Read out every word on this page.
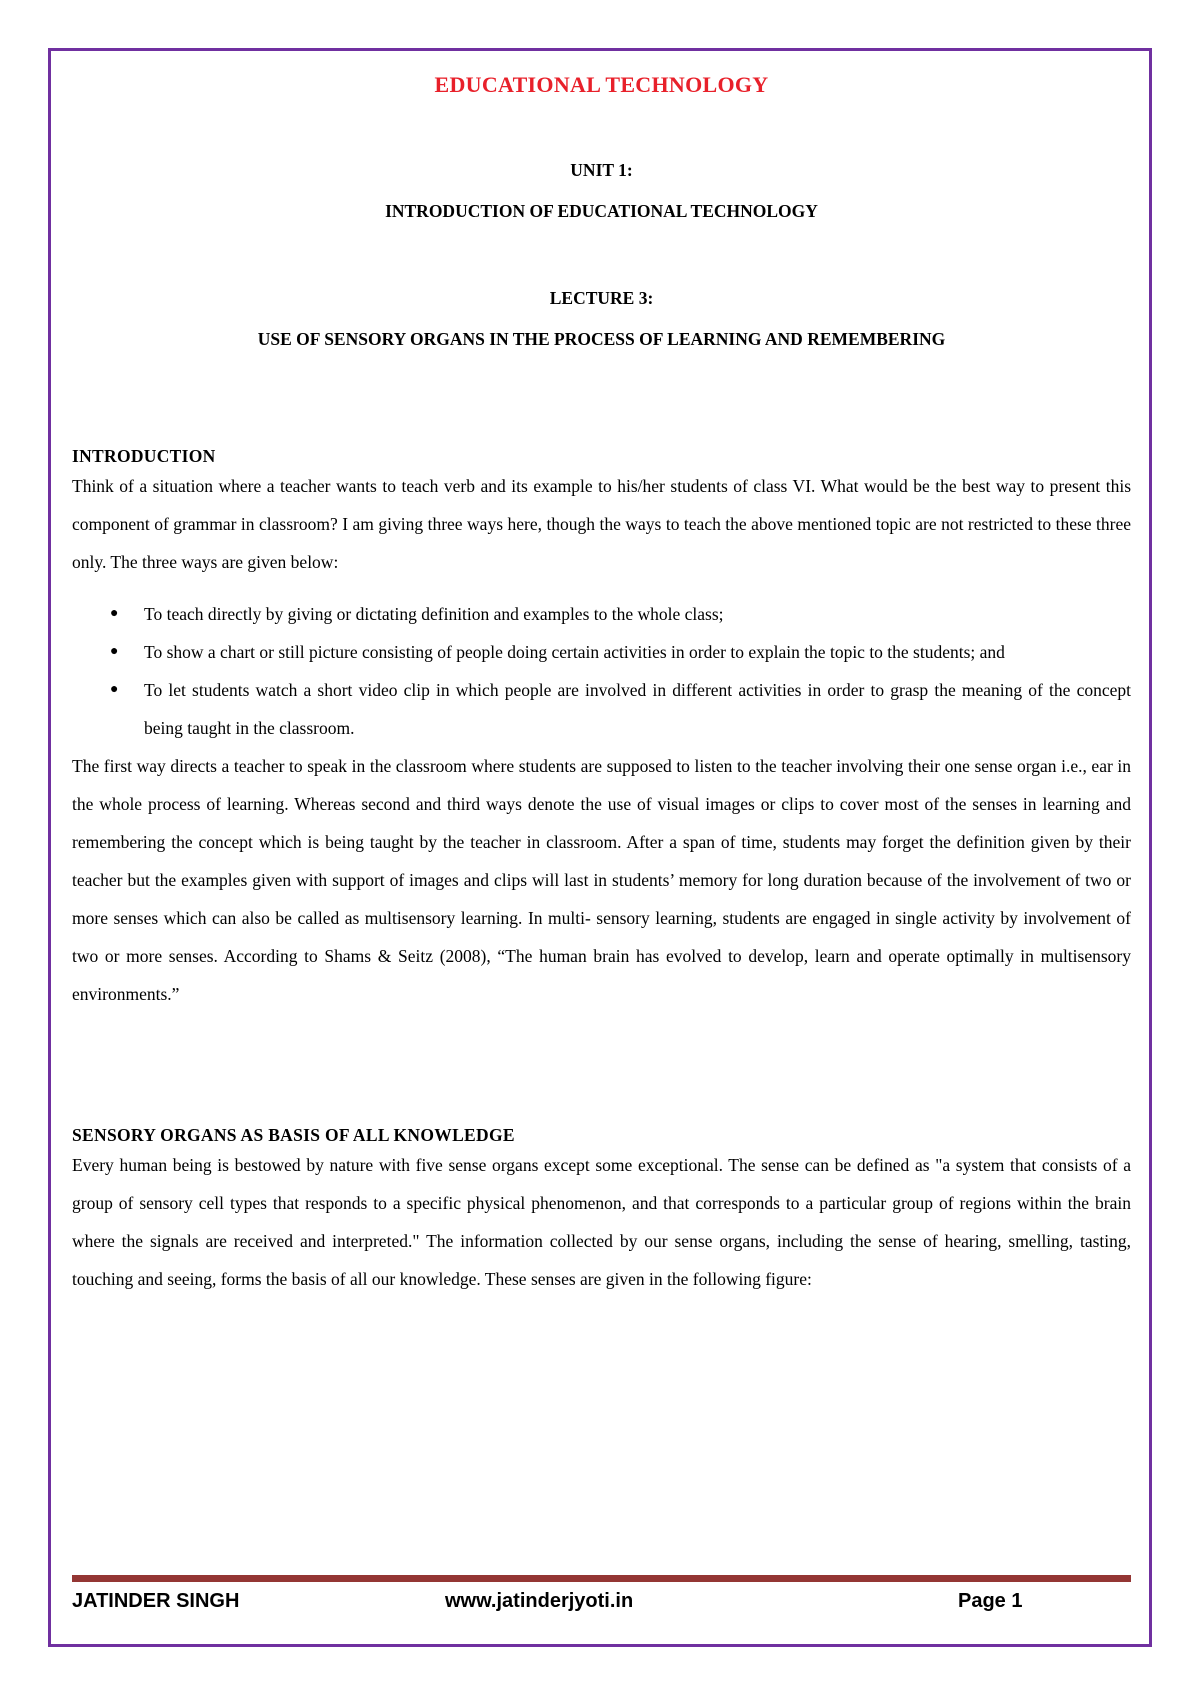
EDUCATIONAL TECHNOLOGY
UNIT 1:
INTRODUCTION OF EDUCATIONAL TECHNOLOGY
LECTURE 3:
USE OF SENSORY ORGANS IN THE PROCESS OF LEARNING AND REMEMBERING
INTRODUCTION

Think of a situation where a teacher wants to teach verb and its example to his/her students of class VI. What would be the best way to present this component of grammar in classroom? I am giving three ways here, though the ways to teach the above mentioned topic are not restricted to these three only. The three ways are given below:

● To teach directly by giving or dictating definition and examples to the whole class;
● To show a chart or still picture consisting of people doing certain activities in order to explain the topic to the students; and
● To let students watch a short video clip in which people are involved in different activities in order to grasp the meaning of the concept being taught in the classroom.

The first way directs a teacher to speak in the classroom where students are supposed to listen to the teacher involving their one sense organ i.e., ear in the whole process of learning. Whereas second and third ways denote the use of visual images or clips to cover most of the senses in learning and remembering the concept which is being taught by the teacher in classroom. After a span of time, students may forget the definition given by their teacher but the examples given with support of images and clips will last in students’ memory for long duration because of the involvement of two or more senses which can also be called as multisensory learning. In multi- sensory learning, students are engaged in single activity by involvement of two or more senses. According to Shams & Seitz (2008), “The human brain has evolved to develop, learn and operate optimally in multisensory environments.”

SENSORY ORGANS AS BASIS OF ALL KNOWLEDGE

Every human being is bestowed by nature with five sense organs except some exceptional. The sense can be defined as "a system that consists of a group of sensory cell types that responds to a specific physical phenomenon, and that corresponds to a particular group of regions within the brain where the signals are received and interpreted." The information collected by our sense organs, including the sense of hearing, smelling, tasting, touching and seeing, forms the basis of all our knowledge. These senses are given in the following figure:

JATINDER SINGH	www.jatinderjyoti.in	Page 1
